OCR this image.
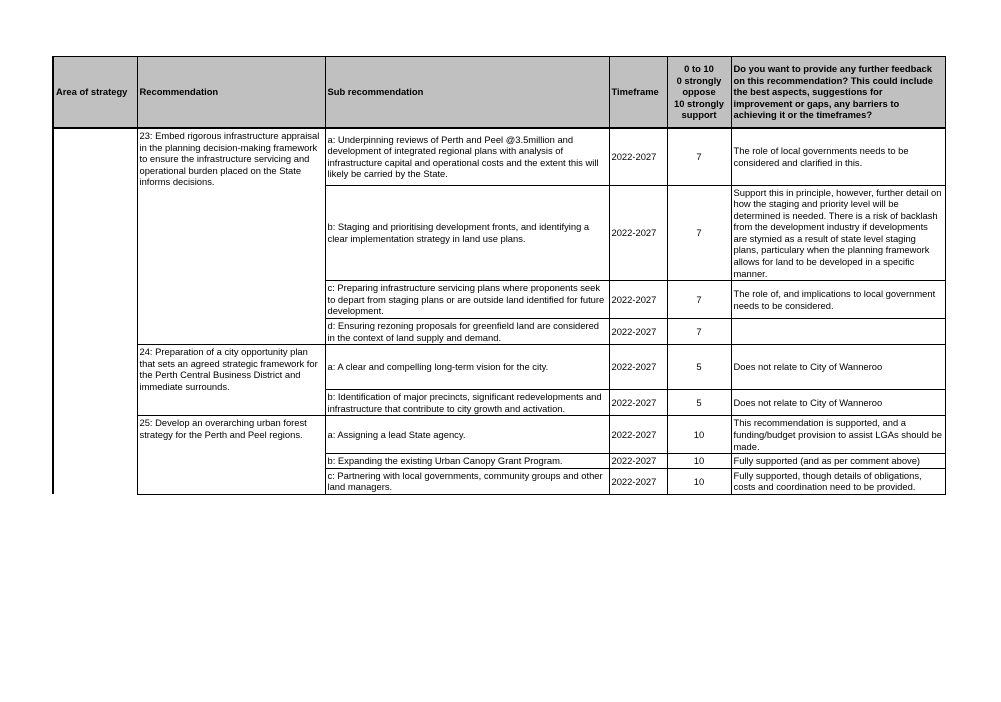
Area of strategy	Recommendation	Sub recommendation	Timeframe	0 to 10
0 strongly oppose
10 strongly support	Do you want to provide any further feedback on this recommendation? This could include the best aspects, suggestions for improvement or gaps, any barriers to achieving it or the timeframes?
	23: Embed rigorous infrastructure appraisal in the planning decision-making framework to ensure the infrastructure servicing and operational burden placed on the State informs decisions.	a: Underpinning reviews of Perth and Peel @3.5million and development of integrated regional plans with analysis of infrastructure capital and operational costs and the extent this will likely be carried by the State.	2022-2027	7	The role of local governments needs to be considered and clarified in this.
		b: Staging and prioritising development fronts, and identifying a clear implementation strategy in land use plans.	2022-2027	7	Support this in principle, however, further detail on how the staging and priority level will be determined is needed. There is a risk of backlash from the development industry if developments are stymied as a result of state level staging plans, particulary when the planning framework allows for land to be developed in a specific manner.
		c: Preparing infrastructure servicing plans where proponents seek to depart from staging plans or are outside land identified for future development.	2022-2027	7	The role of, and implications to local government needs to be considered.
		d: Ensuring rezoning proposals for greenfield land are considered in the context of land supply and demand.	2022-2027	7	
	24: Preparation of a city opportunity plan that sets an agreed strategic framework for the Perth Central Business District and immediate surrounds.	a: A clear and compelling long-term vision for the city.	2022-2027	5	Does not relate to City of Wanneroo
		b: Identification of major precincts, significant redevelopments and infrastructure that contribute to city growth and activation.	2022-2027	5	Does not relate to City of Wanneroo
	25: Develop an overarching urban forest strategy for the Perth and Peel regions.	a: Assigning a lead State agency.	2022-2027	10	This recommendation is supported, and a funding/budget provision to assist LGAs should be made.
		b: Expanding the existing Urban Canopy Grant Program.	2022-2027	10	Fully supported (and as per comment above)
		c: Partnering with local governments, community groups and other land managers.	2022-2027	10	Fully supported, though details of obligations, costs and coordination need to be provided.
